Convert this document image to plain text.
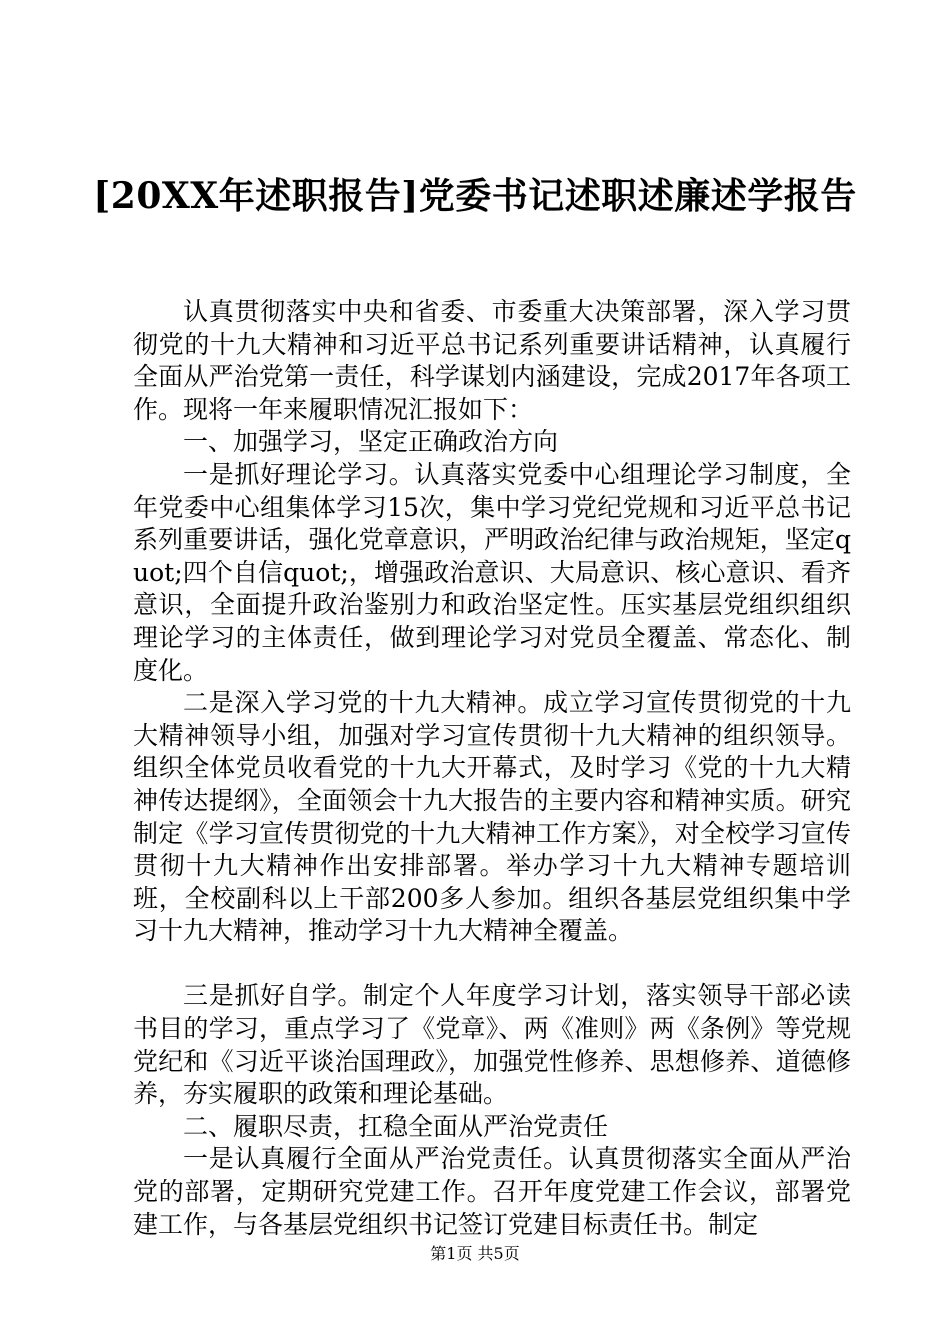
[20XX年述职报告]党委书记述职述廉述学报告

认真贯彻落实中央和省委、市委重大决策部署，深入学习贯彻党的十九大精神和习近平总书记系列重要讲话精神，认真履行全面从严治党第一责任，科学谋划内涵建设，完成2017年各项工作。现将一年来履职情况汇报如下：

一、加强学习，坚定正确政治方向

一是抓好理论学习。认真落实党委中心组理论学习制度，全年党委中心组集体学习15次，集中学习党纪党规和习近平总书记系列重要讲话，强化党章意识，严明政治纪律与政治规矩，坚定quot;四个自信quot;，增强政治意识、大局意识、核心意识、看齐意识，全面提升政治鉴别力和政治坚定性。压实基层党组织组织理论学习的主体责任，做到理论学习对党员全覆盖、常态化、制度化。

二是深入学习党的十九大精神。成立学习宣传贯彻党的十九大精神领导小组，加强对学习宣传贯彻十九大精神的组织领导。组织全体党员收看党的十九大开幕式，及时学习《党的十九大精神传达提纲》，全面领会十九大报告的主要内容和精神实质。研究制定《学习宣传贯彻党的十九大精神工作方案》，对全校学习宣传贯彻十九大精神作出安排部署。举办学习十九大精神专题培训班，全校副科以上干部200多人参加。组织各基层党组织集中学习十九大精神，推动学习十九大精神全覆盖。

三是抓好自学。制定个人年度学习计划，落实领导干部必读书目的学习，重点学习了《党章》、两《准则》两《条例》等党规党纪和《习近平谈治国理政》，加强党性修养、思想修养、道德修养，夯实履职的政策和理论基础。

二、履职尽责，扛稳全面从严治党责任

一是认真履行全面从严治党责任。认真贯彻落实全面从严治党的部署，定期研究党建工作。召开年度党建工作会议，部署党建工作，与各基层党组织书记签订党建目标责任书。制定

第1页 共5页
